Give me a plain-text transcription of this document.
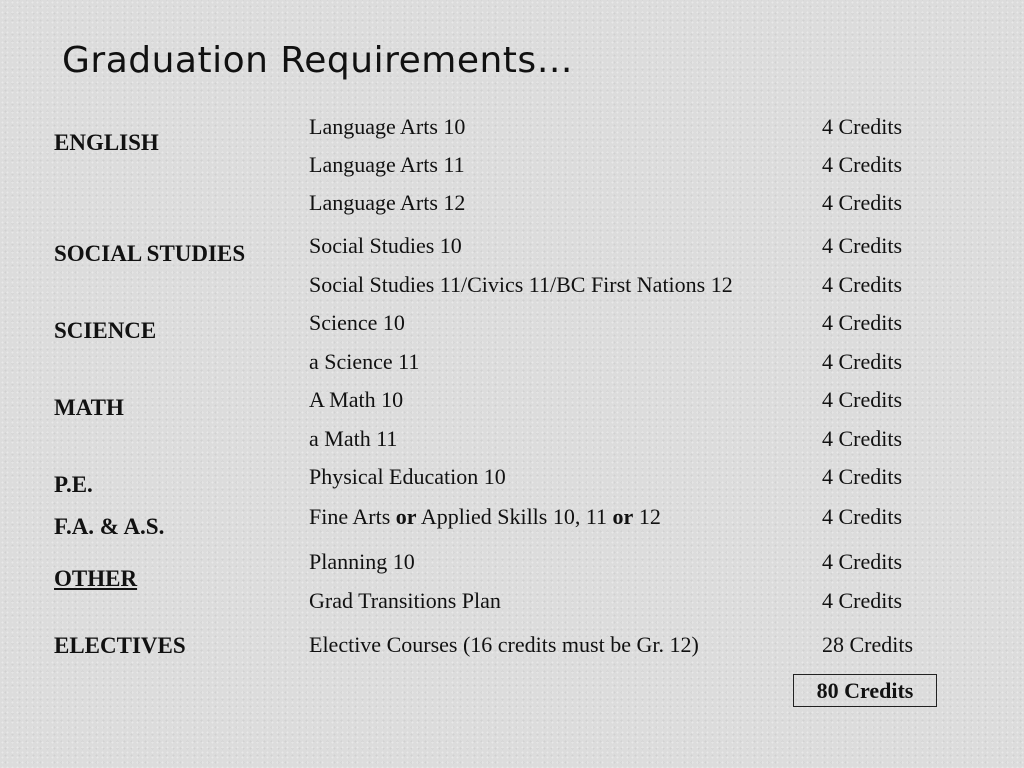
Graduation Requirements…
ENGLISH
SOCIAL STUDIES
SCIENCE
MATH
P.E.
F.A. & A.S.
OTHER
ELECTIVES
Language Arts 10
Language Arts 11
Language Arts 12
Social Studies 10
Social Studies 11/Civics 11/BC First Nations 12
Science 10
a Science 11
A Math 10
a Math 11
Physical Education 10
Fine Arts or Applied Skills 10, 11 or 12
Planning 10
Grad Transitions Plan
Elective Courses (16 credits must be Gr. 12)
4 Credits
4 Credits
4 Credits
4 Credits
4 Credits
4 Credits
4 Credits
4 Credits
4 Credits
4 Credits
4 Credits
4 Credits
4 Credits
28 Credits
80 Credits
